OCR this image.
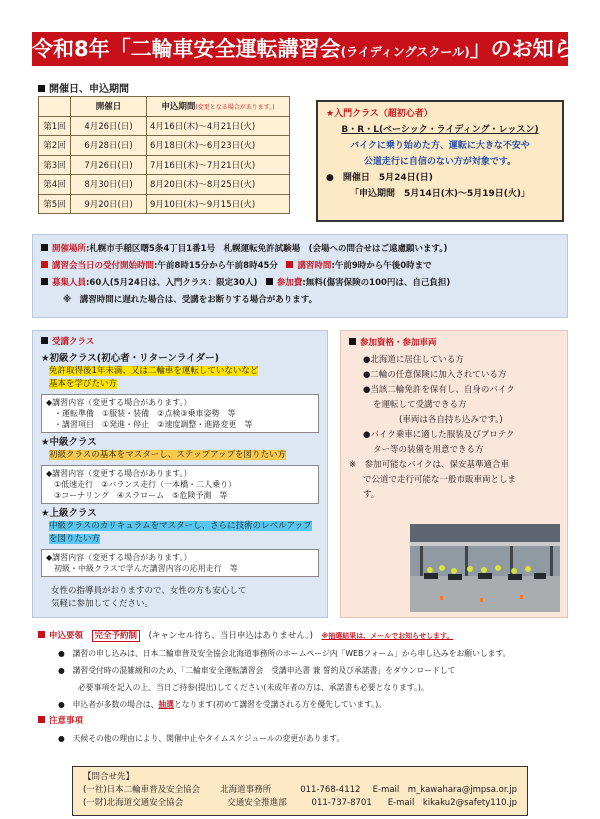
令和8年「二輪車安全運転講習会(ライディングスクール)」のお知らせ
開催日、申込期間
	開催日	申込期間(変更となる場合があります。)
第1回	4月26日(日)	4月16日(木)～4月21日(火)
第2回	6月28日(日)	6月18日(木)～6月23日(火)
第3回	7月26日(日)	7月16日(木)～7月21日(火)
第4回	8月30日(日)	8月20日(木)～8月25日(火)
第5回	9月20日(日)	9月10日(木)～9月15日(火)
★入門クラス（超初心者）
B・R・L(ベーシック・ライディング・レッスン)
バイクに乗り始めた方、運転に大きな不安や
公道走行に自信のない方が対象です。
●　開催日　5月24日(日)
「申込期間　5月14日(木)～5月19日(火)」
開催場所:札幌市手稲区曙5条4丁目1番1号　札幌運転免許試験場　(会場への問合せはご遠慮願います。)
講習会当日の受付開始時間:午前8時15分から午前8時45分　 講習時間:午前9時から午後0時まで
募集人員:60人(5月24日は、入門クラス：限定30人)　 参加費:無料(傷害保険の100円は、自己負担)
※　講習時間に遅れた場合は、受講をお断りする場合があります。
受講クラス
★初級クラス(初心者・リターンライダー)
免許取得後1年未満、又は二輪車を運転していないなど
基本を学びたい方
◆講習内容（変更する場合があります。）
・運転準備　①服装・装備　②点検③乗車姿勢　等
・講習項目　①発進・停止　②速度調整・進路変更　等
★中級クラス
初級クラスの基本をマスターし、ステップアップを図りたい方
◆講習内容（変更する場合があります。）
①低速走行　②バランス走行（一本橋・二人乗り）
③コーナリング　④スラローム　⑤危険予測　等
★上級クラス
中級クラスのカリキュラムをマスターし、さらに技術のレベルアップ
を図りたい方
◆講習内容（変更する場合があります。）
初級・中級クラスで学んだ講習内容の応用走行　等
女性の指導員がおりますので、女性の方も安心して
気軽に参加してください。
参加資格・参加車両
●北海道に居住している方
●二輪の任意保険に加入されている方
●当該二輪免許を保有し、自身のバイク
を運転して受講できる方
(車両は各自持ち込みです。)
●バイク乗車に適した服装及びプロテク
ター等の装備を用意できる方
※　参加可能なバイクは、保安基準適合車
で公道で走行可能な一般市販車両としま
す。
申込要領　 完全予約制　 (キャンセル待ち、当日申込はありません。)　 ※抽選結果は、メールでお知らせします。
●　講習の申し込みは、日本二輪車普及安全協会北海道事務所のホームページ内「WEBフォーム」から申し込みをお願いします。
●　講習受付時の混雑緩和のため、「二輪車安全運転講習会　受講申込書 兼 誓約及び承諾書」をダウンロードして
必要事項を記入の上、当日ご持参(提出)してください(未成年者の方は、承諾書も必要となります。)。
●　申込者が多数の場合は、抽選となります(初めて講習を受講される方を優先しています。)。
注意事項
●　天候その他の理由により、開催中止やタイムスケジュールの変更があります。
【問合せ先】
(一社)日本二輪車普及安全協会	北海道事務所	011-768-4112	E-mail　m_kawahara@jmpsa.or.jp
(一財)北海道交通安全協会	交通安全推進部	011-737-8701	E-mail　kikaku2@safety110.jp
